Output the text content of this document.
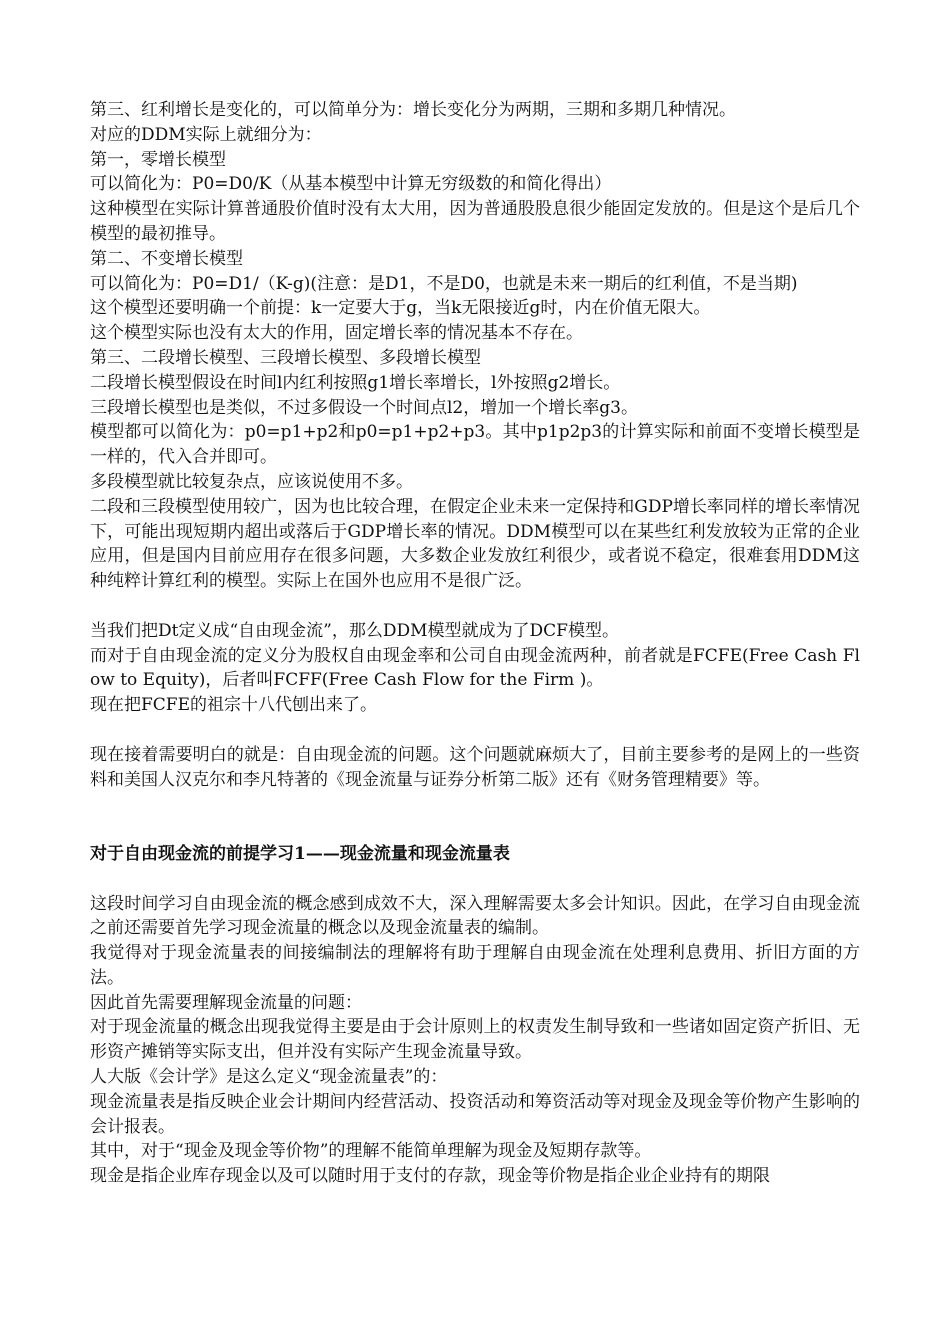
第三、红利增长是变化的，可以简单分为：增长变化分为两期，三期和多期几种情况。

对应的DDM实际上就细分为：

第一，零增长模型

可以简化为：P0=D0/K（从基本模型中计算无穷级数的和简化得出）

这种模型在实际计算普通股价值时没有太大用，因为普通股股息很少能固定发放的。但是这个是后几个模型的最初推导。

第二、不变增长模型

可以简化为：P0=D1/（K-g)(注意：是D1，不是D0，也就是未来一期后的红利值，不是当期)

这个模型还要明确一个前提：k一定要大于g，当k无限接近g时，内在价值无限大。

这个模型实际也没有太大的作用，固定增长率的情况基本不存在。

第三、二段增长模型、三段增长模型、多段增长模型

二段增长模型假设在时间l内红利按照g1增长率增长，l外按照g2增长。

三段增长模型也是类似，不过多假设一个时间点l2，增加一个增长率g3。

模型都可以简化为：p0=p1+p2和p0=p1+p2+p3。其中p1p2p3的计算实际和前面不变增长模型是一样的，代入合并即可。

多段模型就比较复杂点，应该说使用不多。

二段和三段模型使用较广，因为也比较合理，在假定企业未来一定保持和GDP增长率同样的增长率情况下，可能出现短期内超出或落后于GDP增长率的情况。DDM模型可以在某些红利发放较为正常的企业应用，但是国内目前应用存在很多问题，大多数企业发放红利很少，或者说不稳定，很难套用DDM这种纯粹计算红利的模型。实际上在国外也应用不是很广泛。

当我们把Dt定义成“自由现金流”，那么DDM模型就成为了DCF模型。

而对于自由现金流的定义分为股权自由现金率和公司自由现金流两种，前者就是FCFE(Free Cash Flow to Equity)，后者叫FCFF(Free Cash Flow for the Firm )。

现在把FCFE的祖宗十八代刨出来了。

现在接着需要明白的就是：自由现金流的问题。这个问题就麻烦大了，目前主要参考的是网上的一些资料和美国人汉克尔和李凡特著的《现金流量与证券分析第二版》还有《财务管理精要》等。

对于自由现金流的前提学习1——现金流量和现金流量表

这段时间学习自由现金流的概念感到成效不大，深入理解需要太多会计知识。因此，在学习自由现金流之前还需要首先学习现金流量的概念以及现金流量表的编制。

我觉得对于现金流量表的间接编制法的理解将有助于理解自由现金流在处理利息费用、折旧方面的方法。

因此首先需要理解现金流量的问题：

对于现金流量的概念出现我觉得主要是由于会计原则上的权责发生制导致和一些诸如固定资产折旧、无形资产摊销等实际支出，但并没有实际产生现金流量导致。

人大版《会计学》是这么定义“现金流量表”的：

现金流量表是指反映企业会计期间内经营活动、投资活动和筹资活动等对现金及现金等价物产生影响的会计报表。

其中，对于“现金及现金等价物”的理解不能简单理解为现金及短期存款等。

现金是指企业库存现金以及可以随时用于支付的存款，现金等价物是指企业企业持有的期限
